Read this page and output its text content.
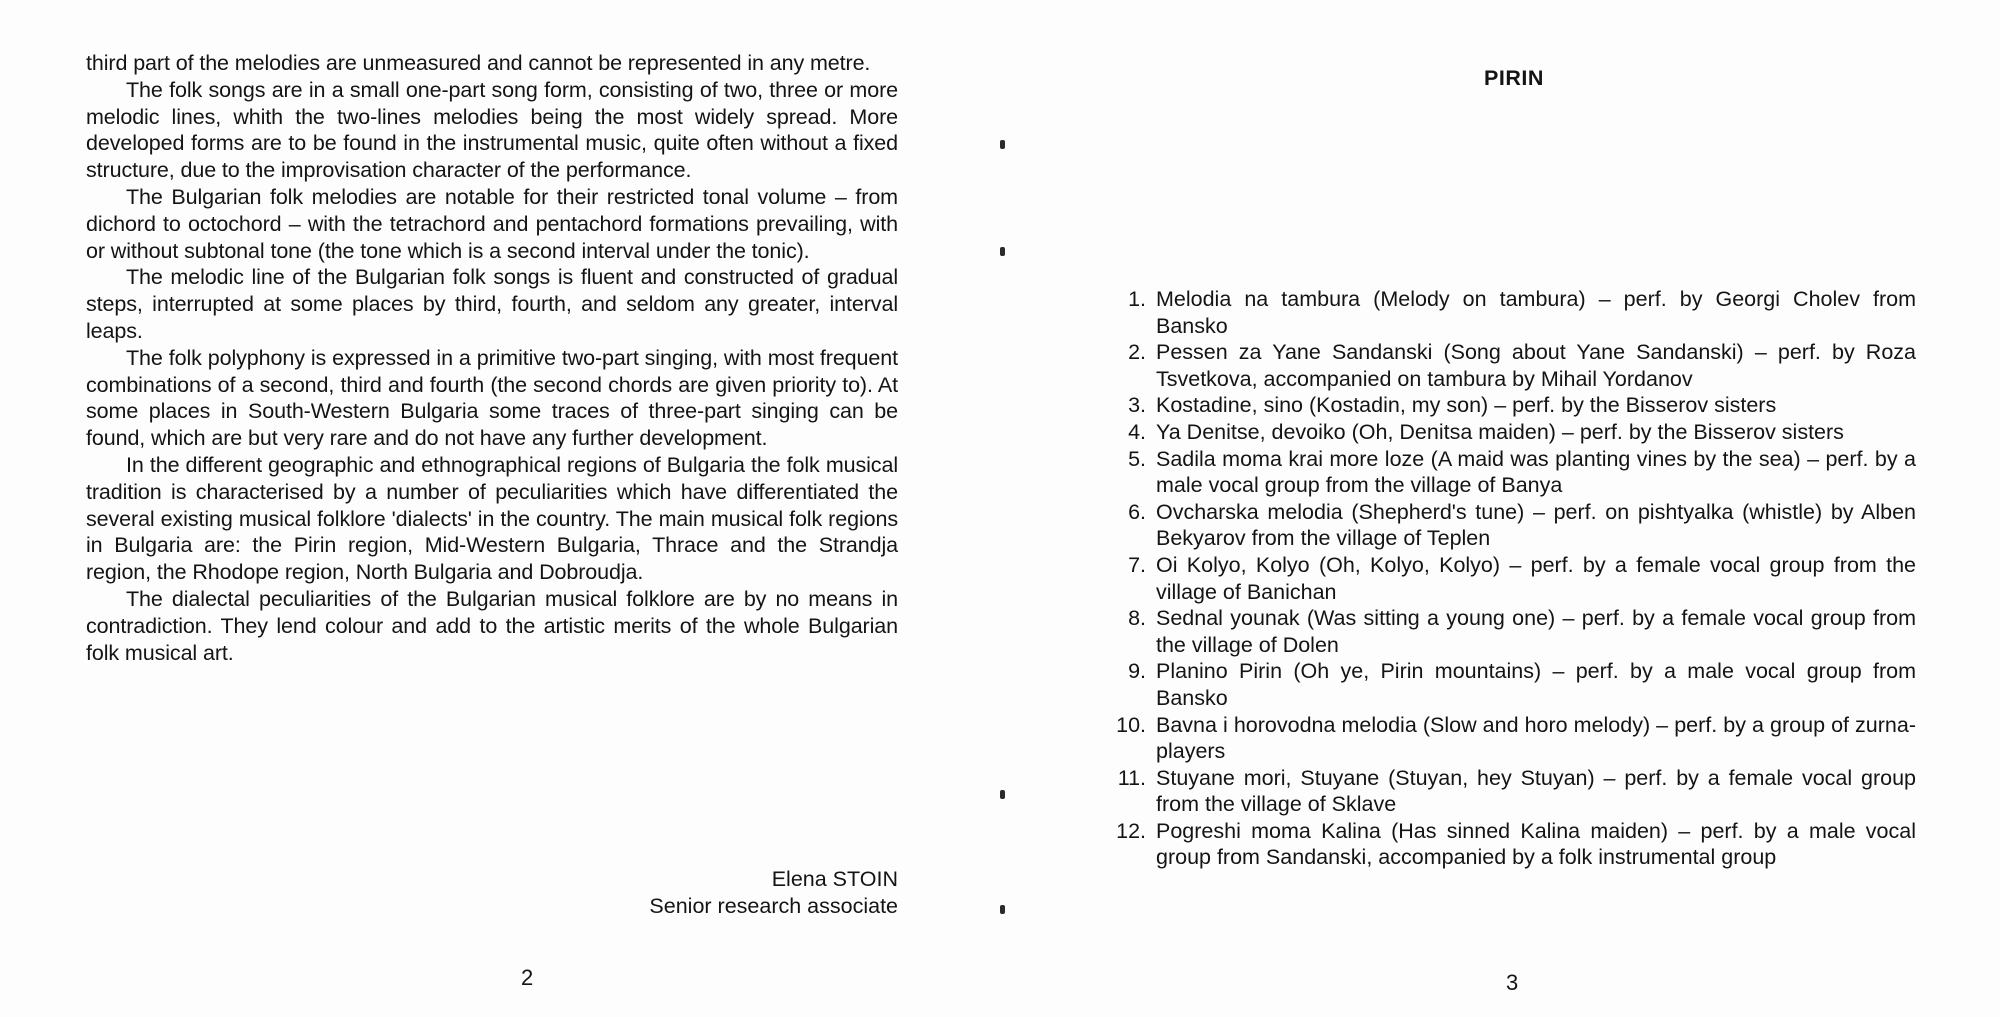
third part of the melodies are unmeasured and cannot be represented in any metre.

The folk songs are in a small one-part song form, consisting of two, three or more melodic lines, whith the two-lines melodies being the most widely spread. More developed forms are to be found in the instrumental music, quite often without a fixed structure, due to the improvisation character of the performance.

The Bulgarian folk melodies are notable for their restricted tonal volume – from dichord to octochord – with the tetrachord and pentachord formations prevailing, with or without subtonal tone (the tone which is a second interval under the tonic).

The melodic line of the Bulgarian folk songs is fluent and constructed of gradual steps, interrupted at some places by third, fourth, and seldom any greater, interval leaps.

The folk polyphony is expressed in a primitive two-part singing, with most frequent combinations of a second, third and fourth (the second chords are given priority to). At some places in South-Western Bulgaria some traces of three-part singing can be found, which are but very rare and do not have any further development.

In the different geographic and ethnographical regions of Bulgaria the folk musical tradition is characterised by a number of peculiarities which have differentiated the several existing musical folklore 'dialects' in the country. The main musical folk regions in Bulgaria are: the Pirin region, Mid-Western Bulgaria, Thrace and the Strandja region, the Rhodope region, North Bulgaria and Dobroudja.

The dialectal peculiarities of the Bulgarian musical folklore are by no means in contradiction. They lend colour and add to the artistic merits of the whole Bulgarian folk musical art.

Elena STOIN
Senior research associate
2
PIRIN
1. Melodia na tambura (Melody on tambura) – perf. by Georgi Cholev from Bansko
2. Pessen za Yane Sandanski (Song about Yane Sandanski) – perf. by Roza Tsvetkova, accompanied on tambura by Mihail Yordanov
3. Kostadine, sino (Kostadin, my son) – perf. by the Bisserov sisters
4. Ya Denitse, devoiko (Oh, Denitsa maiden) – perf. by the Bisserov sisters
5. Sadila moma krai more loze (A maid was planting vines by the sea) – perf. by a male vocal group from the village of Banya
6. Ovcharska melodia (Shepherd's tune) – perf. on pishtyalka (whistle) by Alben Bekyarov from the village of Teplen
7. Oi Kolyo, Kolyo (Oh, Kolyo, Kolyo) – perf. by a female vocal group from the village of Banichan
8. Sednal younak (Was sitting a young one) – perf. by a female vocal group from the village of Dolen
9. Planino Pirin (Oh ye, Pirin mountains) – perf. by a male vocal group from Bansko
10. Bavna i horovodna melodia (Slow and horo melody) – perf. by a group of zurna-players
11. Stuyane mori, Stuyane (Stuyan, hey Stuyan) – perf. by a female vocal group from the village of Sklave
12. Pogreshi moma Kalina (Has sinned Kalina maiden) – perf. by a male vocal group from Sandanski, accompanied by a folk instrumental group
3
